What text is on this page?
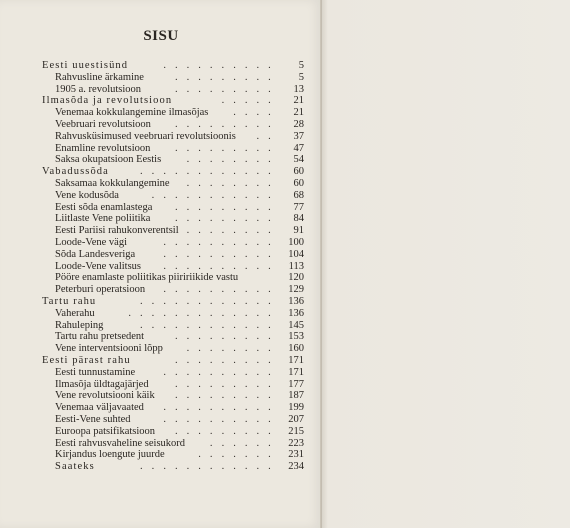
SISU
Eesti uuestisünd	. . . . . . . . . .	5
Rahvusline ärkamine	. . . . . . . . .	5
1905 a. revolutsioon	. . . . . . . . .	13
Ilmasõda ja revolutsioon	. . . . .	21
Venemaa kokkulangemine ilmasõjas . . . .	21
Veebruari revolutsioon . . . . . . . . .	28
Rahvusküsimused veebruari revolutsioonis . .	37
Enamline revolutsioon . . . . . . . . .	47
Saksa okupatsioon Eestis . . . . . . . .	54
Vabadussõda	. . . . . . . . . . . .	60
Saksamaa kokkulangemine . . . . . . . .	60
Vene kodusõda	. . . . . . . . . . .	68
Eesti sõda enamlastega . . . . . . . . .	77
Liitlaste Vene poliitika . . . . . . . . .	84
Eesti Pariisi rahukonverentsil . . . . . . . .	91
Loode-Vene vägi	. . . . . . . . . .	100
Sõda Landesveriga	. . . . . . . . . .	104
Loode-Vene valitsus . . . . . . . . . .	113
Pööre enamlaste poliitikas piiririikide vastu	120
Peterburi operatsioon . . . . . . . . . .	129
Tartu rahu	. . . . . . . . . . . .	136
Vaherahu	. . . . . . . . . . . . .	136
Rahuleping	. . . . . . . . . . . .	145
Tartu rahu pretsedent	. . . . . . . . .	153
Vene interventsiooni lõpp . . . . . . . .	160
Eesti pärast rahu	. . . . . . . . .	171
Eesti tunnustamine	. . . . . . . . . .	171
Ilmasõja üldtagajärjed	. . . . . . . . .	177
Vene revolutsiooni käik . . . . . . . . .	187
Venemaa väljavaated . . . . . . . . . .	199
Eesti-Vene suhted	. . . . . . . . . .	207
Euroopa patsifikatsioon . . . . . . . . .	215
Eesti rahvusvaheline seisukord . . . . . .	223
Kirjandus loengute juurde	. . . . . . .	231
Saateks	. . . . . . . . . . . .	234
